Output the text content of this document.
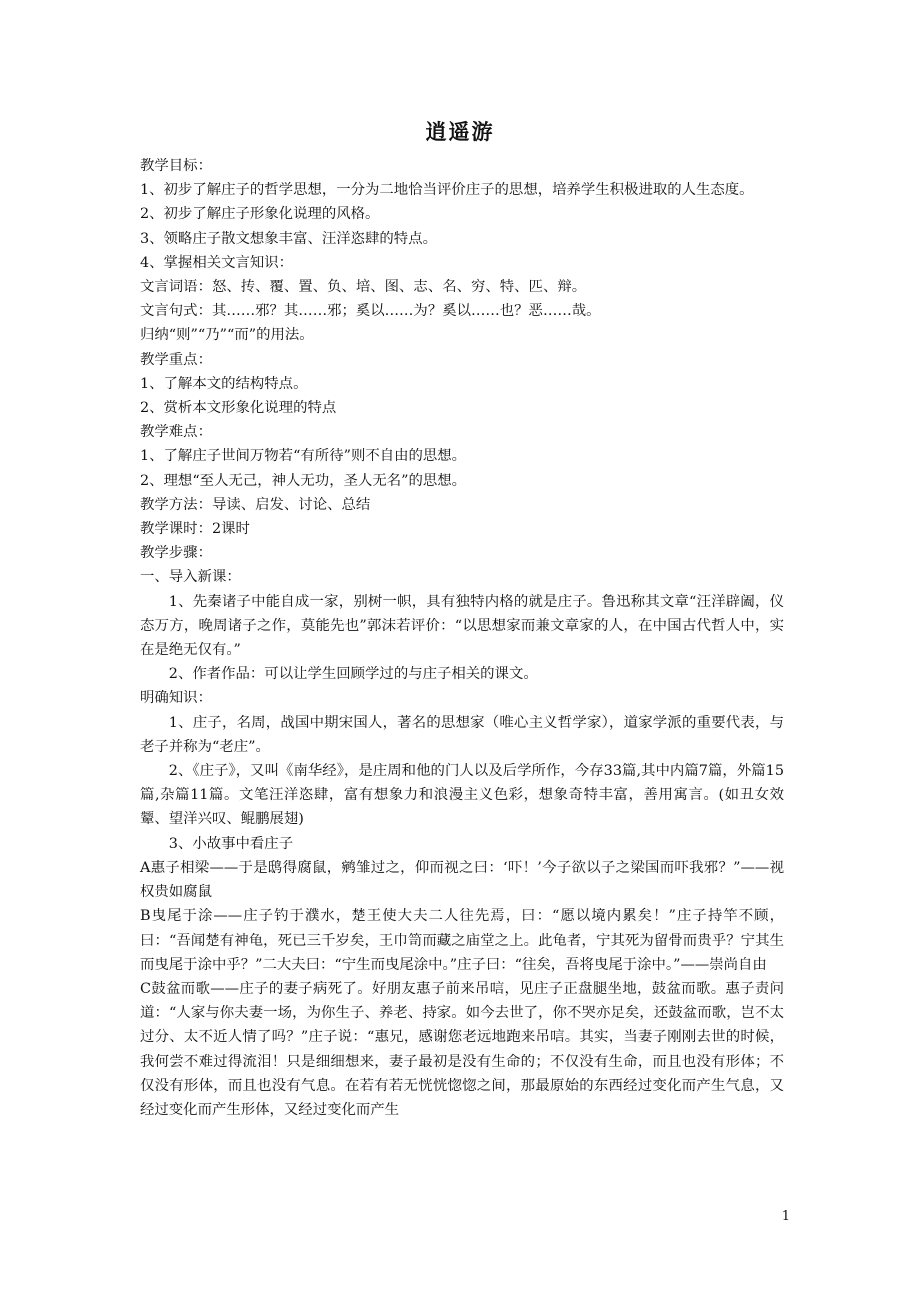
逍遥游

教学目标：

1、初步了解庄子的哲学思想，一分为二地恰当评价庄子的思想，培养学生积极进取的人生态度。

2、初步了解庄子形象化说理的风格。

3、领略庄子散文想象丰富、汪洋恣肆的特点。

4、掌握相关文言知识：

文言词语：怒、抟、覆、置、负、培、图、志、名、穷、特、匹、辩。

文言句式：其……邪？其……邪；奚以……为？奚以……也？恶……哉。

归纳“则”“乃”“而”的用法。

教学重点：

1、了解本文的结构特点。

2、赏析本文形象化说理的特点

教学难点：

1、了解庄子世间万物若“有所待”则不自由的思想。

2、理想“至人无己，神人无功，圣人无名”的思想。

教学方法：导读、启发、讨论、总结

教学课时：2课时

教学步骤：

一、导入新课：

1、先秦诸子中能自成一家，别树一帜，具有独特内格的就是庄子。鲁迅称其文章“汪洋辟阖，仪态万方，晚周诸子之作，莫能先也”郭沫若评价：“以思想家而兼文章家的人，在中国古代哲人中，实在是绝无仅有。”

2、作者作品：可以让学生回顾学过的与庄子相关的课文。

明确知识：

1、庄子，名周，战国中期宋国人，著名的思想家（唯心主义哲学家），道家学派的重要代表，与老子并称为“老庄”。

2、《庄子》，又叫《南华经》，是庄周和他的门人以及后学所作，今存33篇,其中内篇7篇，外篇15篇,杂篇11篇。文笔汪洋恣肆，富有想象力和浪漫主义色彩，想象奇特丰富，善用寓言。(如丑女效颦、望洋兴叹、鲲鹏展翅)

3、小故事中看庄子

A惠子相梁——于是鸱得腐鼠，鹓雏过之，仰而视之曰：‘吓！’今子欲以子之梁国而吓我邪？”——视权贵如腐鼠

B曳尾于涂——庄子钓于濮水，楚王使大夫二人往先焉，曰：“愿以境内累矣！”庄子持竿不顾，曰：“吾闻楚有神龟，死已三千岁矣，王巾笥而藏之庙堂之上。此龟者，宁其死为留骨而贵乎？宁其生而曳尾于涂中乎？”二大夫曰：“宁生而曳尾涂中。”庄子曰：“往矣，吾将曳尾于涂中。”——崇尚自由

C鼓盆而歌——庄子的妻子病死了。好朋友惠子前来吊唁，见庄子正盘腿坐地，鼓盆而歌。惠子责问道：“人家与你夫妻一场，为你生子、养老、持家。如今去世了，你不哭亦足矣，还鼓盆而歌，岂不太过分、太不近人情了吗？”庄子说：“惠兄，感谢您老远地跑来吊唁。其实，当妻子刚刚去世的时候，我何尝不难过得流泪！只是细细想来，妻子最初是没有生命的；不仅没有生命，而且也没有形体；不仅没有形体，而且也没有气息。在若有若无恍恍惚惚之间，那最原始的东西经过变化而产生气息，又经过变化而产生形体，又经过变化而产生

1
